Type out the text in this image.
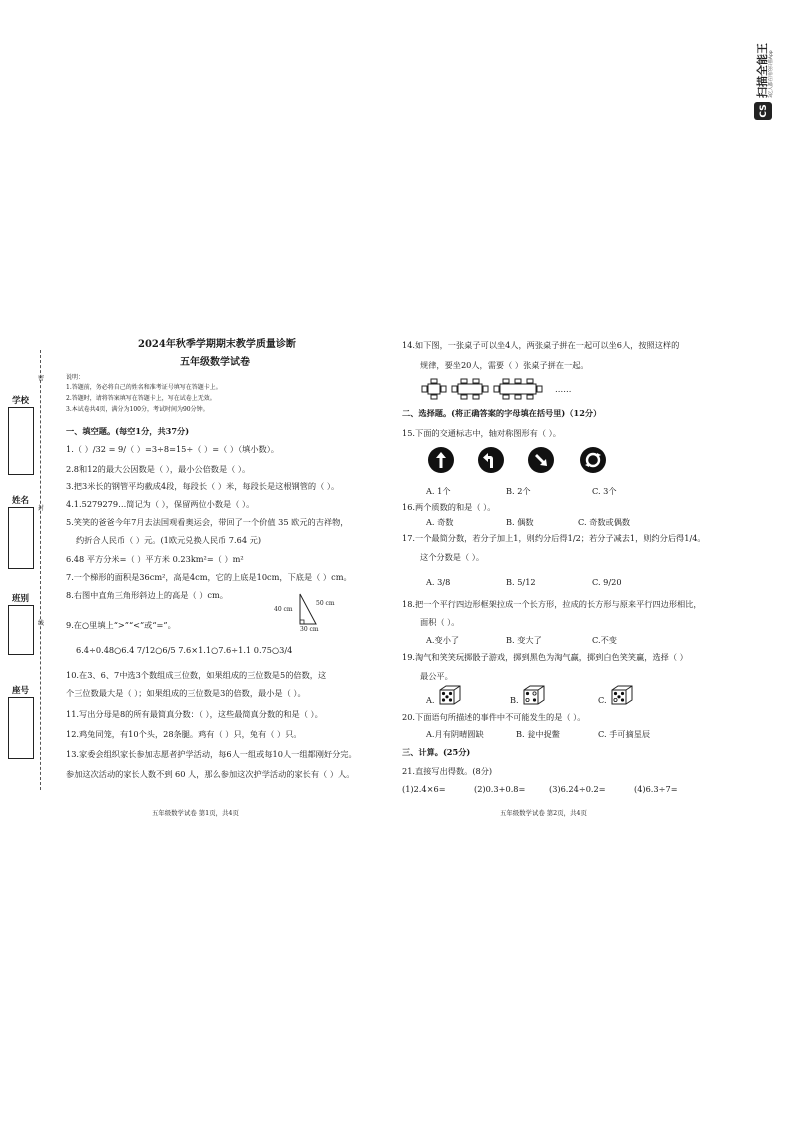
CS
扫描全能王 3亿人都在用的扫描App
密
封
线
学校
姓名
班别
座号
2024年秋季学期期末教学质量诊断
五年级数学试卷
说明：
1.答题前，务必将自己的姓名和准考证号填写在答题卡上。
2.答题时，请将答案填写在答题卡上，写在试卷上无效。
3.本试卷共4页，满分为100分，考试时间为90分钟。
一、填空题。(每空1分，共37分)
1.（ ）/32 = 9/（ ）=3÷8=15÷（ ）=（ ）（填小数）。
2.8和12的最大公因数是（ ），最小公倍数是（ ）。
3.把3米长的钢管平均截成4段，每段长（ ）米，每段长是这根钢管的（ ）。
4.1.5279279…简记为（ ），保留两位小数是（ ）。
5.笑笑的爸爸今年7月去法国观看奥运会，带回了一个价值 35 欧元的吉祥物，
约折合人民币（ ）元。(1欧元兑换人民币 7.64 元)
6.48 平方分米=（ ）平方米 0.23km²=（ ）m²
7.一个梯形的面积是36cm²，高是4cm，它的上底是10cm，下底是（ ）cm。
8.右图中直角三角形斜边上的高是（ ）cm。
40 cm
50 cm
30 cm
9.在○里填上“>”“<”或“=”。
6.4÷0.48○6.4 7/12○6/5 7.6×1.1○7.6÷1.1 0.75○3/4
10.在3、6、7中选3个数组成三位数，如果组成的三位数是5的倍数，这
个三位数最大是（ ）；如果组成的三位数是3的倍数，最小是（ ）。
11.写出分母是8的所有最简真分数：（ ），这些最简真分数的和是（ ）。
12.鸡兔同笼，有10个头，28条腿。鸡有（ ）只，兔有（ ）只。
13.家委会组织家长参加志愿者护学活动，每6人一组或每10人一组都刚好分完。
参加这次活动的家长人数不到 60 人，那么参加这次护学活动的家长有（ ）人。
五年级数学试卷 第1页，共4页
14.如下图，一张桌子可以坐4人，两张桌子拼在一起可以坐6人，按照这样的
规律，要坐20人，需要（ ）张桌子拼在一起。
……
二、选择题。(将正确答案的字母填在括号里)（12分）
15.下面的交通标志中，轴对称图形有（ ）。
A. 1个	B. 2个	C. 3个
16.两个质数的和是（ ）。
A. 奇数	B. 偶数	C. 奇数或偶数
17.一个最简分数，若分子加上1，则约分后得1/2；若分子减去1，则约分后得1/4。
这个分数是（ ）。
A. 3/8	B. 5/12	C. 9/20
18.把一个平行四边形框架拉成一个长方形，拉成的长方形与原来平行四边形相比，
面积（ ）。
A.变小了	B. 变大了	C.不变
19.淘气和笑笑玩掷骰子游戏，掷到黑色为淘气赢，掷到白色笑笑赢，选择（ ）
最公平。
A.	B.	C.
20.下面语句所描述的事件中不可能发生的是（ ）。
A.月有阴晴圆缺	B. 瓮中捉鳖	C. 手可摘星辰
三、计算。(25分)
21.直接写出得数。(8分)
(1)2.4×6=	(2)0.3+0.8=	(3)6.24÷0.2=	(4)6.3÷7=
五年级数学试卷 第2页，共4页
